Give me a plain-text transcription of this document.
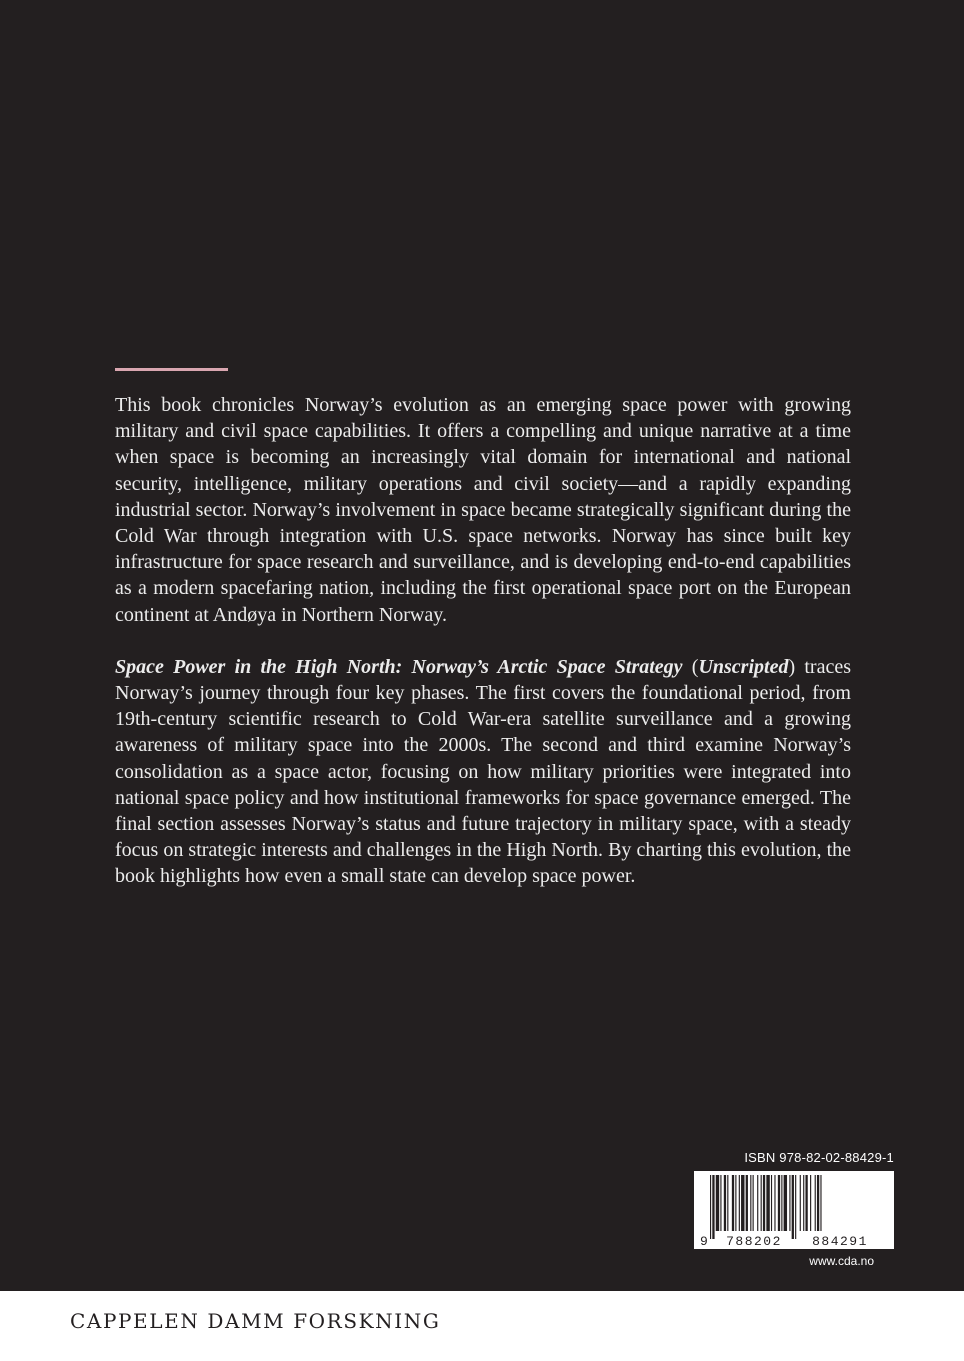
This book chronicles Norway’s evolution as an emerging space power with growing military and civil space capabilities. It offers a compelling and unique narrative at a time when space is becoming an increasingly vital domain for international and national security, intelligence, military operations and civil society—and a rapidly expanding industrial sector. Norway’s involvement in space became strategically significant during the Cold War through integration with U.S. space networks. Norway has since built key infrastructure for space research and surveillance, and is developing end-to-end capabilities as a modern spacefaring nation, including the first operational space port on the European continent at Andøya in Northern Norway.

Space Power in the High North: Norway’s Arctic Space Strategy (Unscripted) traces Norway’s journey through four key phases. The first covers the foundational period, from 19th-century scientific research to Cold War-era satellite surveillance and a growing awareness of military space into the 2000s. The second and third examine Norway’s consolidation as a space actor, focusing on how military priorities were integrated into national space policy and how institutional frameworks for space governance emerged. The final section assesses Norway’s status and future trajectory in military space, with a steady focus on strategic interests and challenges in the High North. By charting this evolution, the book highlights how even a small state can develop space power.

ISBN 978-82-02-88429-1
9 788202 884291
www.cda.no
CAPPELEN DAMM FORSKNING
